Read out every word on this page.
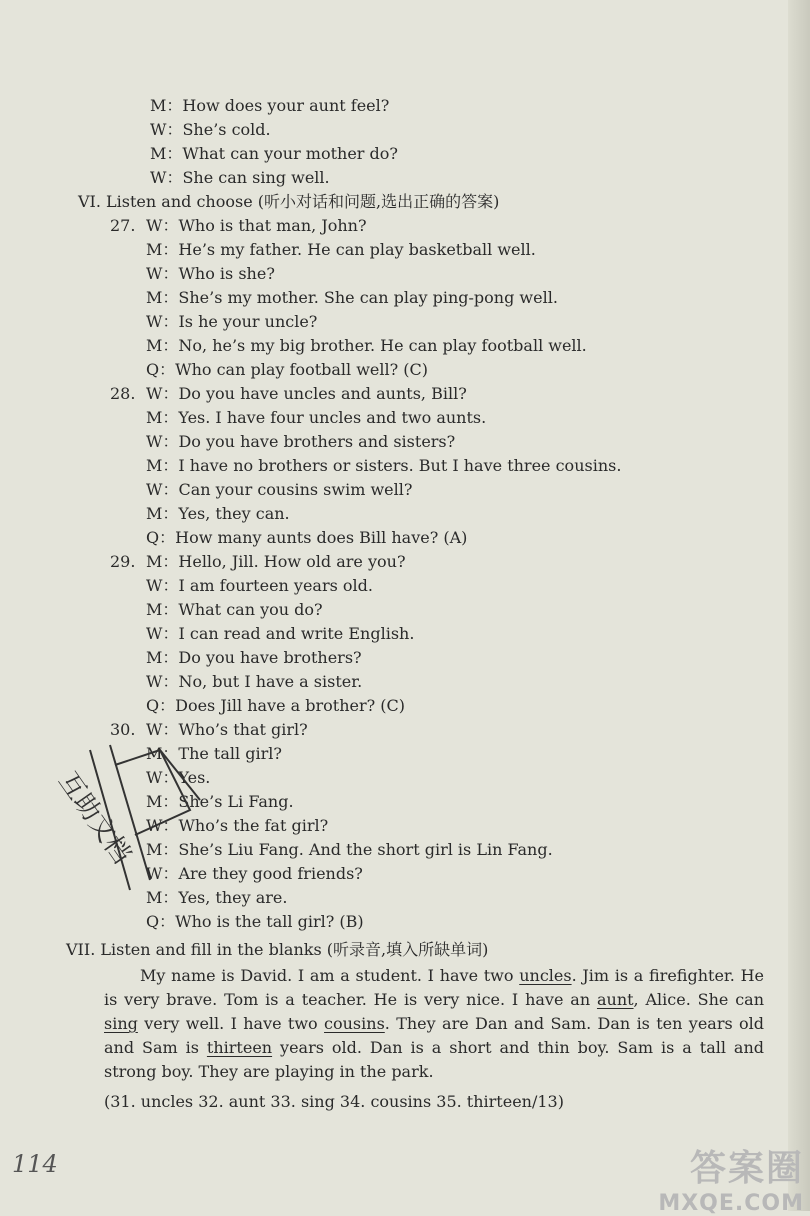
M：How does your aunt feel?
W：She’s cold.
M：What can your mother do?
W：She can sing well.
VI. Listen and choose (听小对话和问题,选出正确的答案)
27. W：Who is that man, John?
M：He’s my father. He can play basketball well.
W：Who is she?
M：She’s my mother. She can play ping-pong well.
W：Is he your uncle?
M：No, he’s my big brother. He can play football well.
Q：Who can play football well? (C)
28. W：Do you have uncles and aunts, Bill?
M：Yes. I have four uncles and two aunts.
W：Do you have brothers and sisters?
M：I have no brothers or sisters. But I have three cousins.
W：Can your cousins swim well?
M：Yes, they can.
Q：How many aunts does Bill have? (A)
29. M：Hello, Jill. How old are you?
W：I am fourteen years old.
M：What can you do?
W：I can read and write English.
M：Do you have brothers?
W：No, but I have a sister.
Q：Does Jill have a brother? (C)
30. W：Who’s that girl?
M：The tall girl?
W：Yes.
M：She’s Li Fang.
W：Who’s the fat girl?
M：She’s Liu Fang. And the short girl is Lin Fang.
W：Are they good friends?
M：Yes, they are.
Q：Who is the tall girl? (B)
VII. Listen and fill in the blanks (听录音,填入所缺单词)
My name is David. I am a student. I have two uncles. Jim is a firefighter. He is very brave. Tom is a teacher. He is very nice. I have an aunt, Alice. She can sing very well. I have two cousins. They are Dan and Sam. Dan is ten years old and Sam is thirteen years old. Dan is a short and thin boy. Sam is a tall and strong boy. They are playing in the park.
(31. uncles 32. aunt 33. sing 34. cousins 35. thirteen/13)
互助文档
114	答案圈
MXQE.COM
